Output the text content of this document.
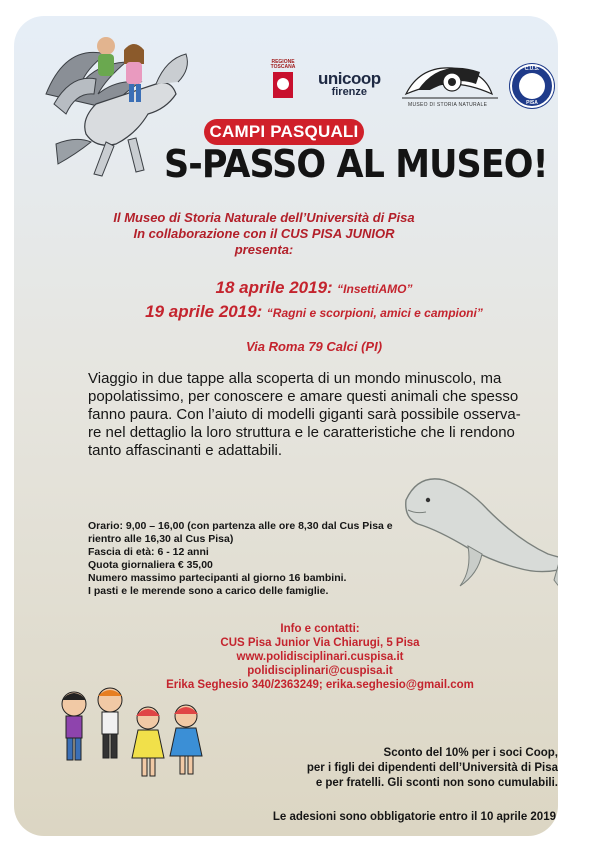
REGIONE TOSCANA
unicoop
firenze
MUSEO DI STORIA NATURALE
C.U.S.
PISA
CAMPI PASQUALI
S-PASSO AL MUSEO!
Il Museo di Storia Naturale dell’Università di Pisa
In collaborazione con il CUS PISA JUNIOR
presenta:
18 aprile 2019: “InsettiAMO”
19 aprile 2019: “Ragni e scorpioni, amici e campioni”
Via Roma 79 Calci (PI)
Viaggio in due tappe alla scoperta di un mondo minuscolo, ma
popolatissimo, per conoscere e amare questi animali che spesso
fanno paura. Con l’aiuto di modelli giganti sarà possibile osserva-
re nel dettaglio la loro struttura e le caratteristiche che li rendono
tanto affascinanti e adattabili.
Orario: 9,00 – 16,00 (con partenza alle ore 8,30 dal Cus Pisa e
rientro alle 16,30 al Cus Pisa)
Fascia di età: 6 - 12 anni
Quota giornaliera € 35,00
Numero massimo partecipanti al giorno 16 bambini.
I pasti e le merende sono a carico delle famiglie.
Info e contatti:
CUS Pisa Junior Via Chiarugi, 5 Pisa
www.polidisciplinari.cuspisa.it
polidisciplinari@cuspisa.it
Erika Seghesio 340/2363249; erika.seghesio@gmail.com
Sconto del 10% per i soci Coop,
per i figli dei dipendenti dell’Università di Pisa
e per fratelli. Gli sconti non sono cumulabili.
Le adesioni sono obbligatorie entro il 10 aprile 2019
